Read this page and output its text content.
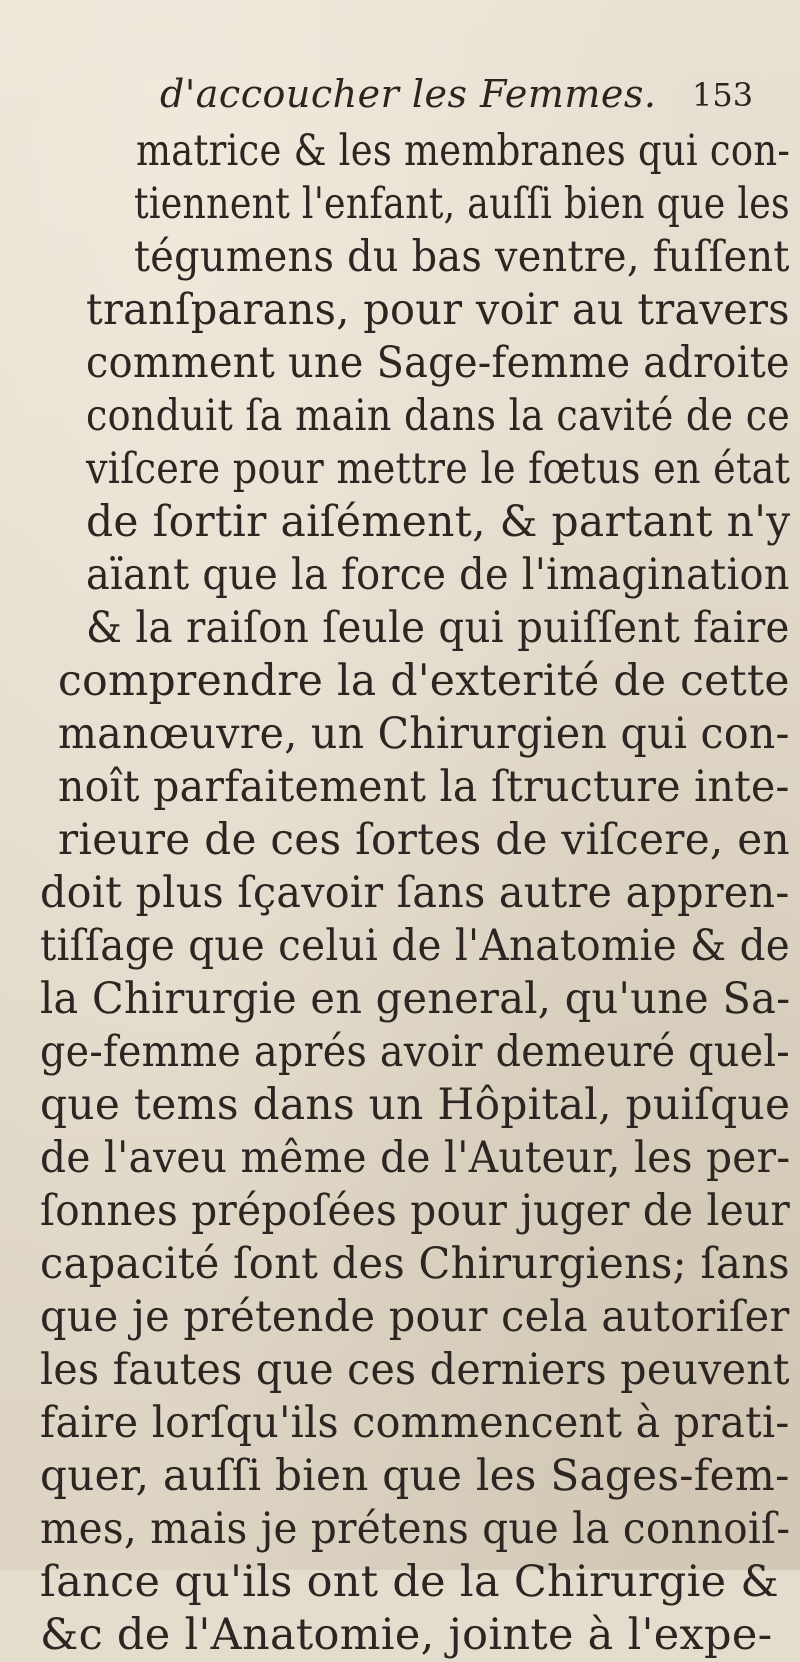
d'accoucher les Femmes. 153
matrice & les membranes qui con-
tiennent l'enfant, auſſi bien que les
tégumens du bas ventre, fuſſent
tranſparans, pour voir au travers
comment une Sage-femme adroite
conduit ſa main dans la cavité de ce
viſcere pour mettre le fœtus en état
de ſortir aiſément, & partant n'y
aïant que la force de l'imagination
& la raiſon ſeule qui puiſſent faire
comprendre la d'exterité de cette
manœuvre, un Chirurgien qui con-
noît parfaitement la ſtructure inte-
rieure de ces ſortes de viſcere, en
doit plus ſçavoir ſans autre appren-
tiſſage que celui de l'Anatomie & de
la Chirurgie en general, qu'une Sa-
ge-femme aprés avoir demeuré quel-
que tems dans un Hôpital, puiſque
de l'aveu même de l'Auteur, les per-
ſonnes prépoſées pour juger de leur
capacité ſont des Chirurgiens; ſans
que je prétende pour cela autoriſer
les fautes que ces derniers peuvent
faire lorſqu'ils commencent à prati-
quer, auſſi bien que les Sages-fem-
mes, mais je prétens que la connoiſ-
ſance qu'ils ont de la Chirurgie &
&c de l'Anatomie, jointe à l'expe-
